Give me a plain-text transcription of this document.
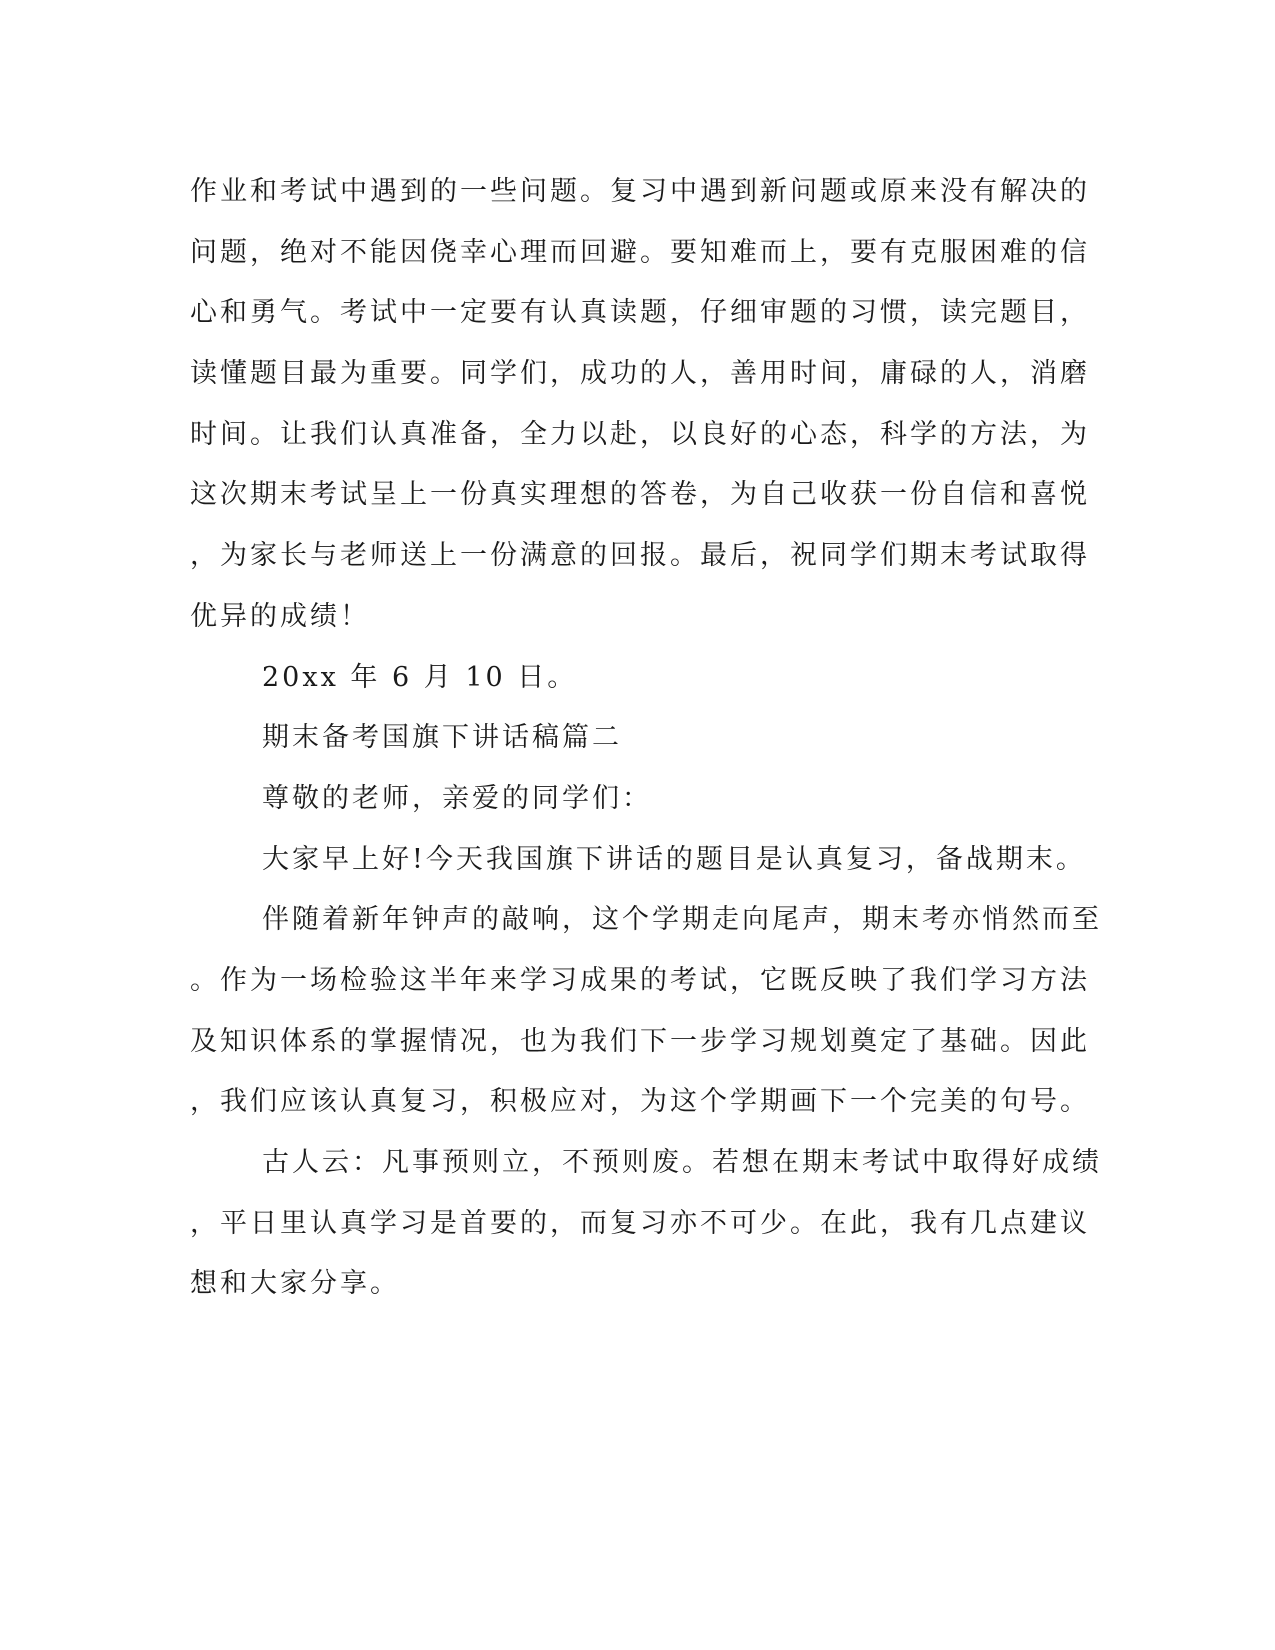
作业和考试中遇到的一些问题。复习中遇到新问题或原来没有解决的
问题，绝对不能因侥幸心理而回避。要知难而上，要有克服困难的信
心和勇气。考试中一定要有认真读题，仔细审题的习惯，读完题目，
读懂题目最为重要。同学们，成功的人，善用时间，庸碌的人，消磨
时间。让我们认真准备，全力以赴，以良好的心态，科学的方法，为
这次期末考试呈上一份真实理想的答卷，为自己收获一份自信和喜悦
，为家长与老师送上一份满意的回报。最后，祝同学们期末考试取得
优异的成绩！
20xx 年 6 月 10 日。
期末备考国旗下讲话稿篇二
尊敬的老师，亲爱的同学们：
大家早上好!今天我国旗下讲话的题目是认真复习，备战期末。
伴随着新年钟声的敲响，这个学期走向尾声，期末考亦悄然而至
。作为一场检验这半年来学习成果的考试，它既反映了我们学习方法
及知识体系的掌握情况，也为我们下一步学习规划奠定了基础。因此
，我们应该认真复习，积极应对，为这个学期画下一个完美的句号。
古人云：凡事预则立，不预则废。若想在期末考试中取得好成绩
，平日里认真学习是首要的，而复习亦不可少。在此，我有几点建议
想和大家分享。
